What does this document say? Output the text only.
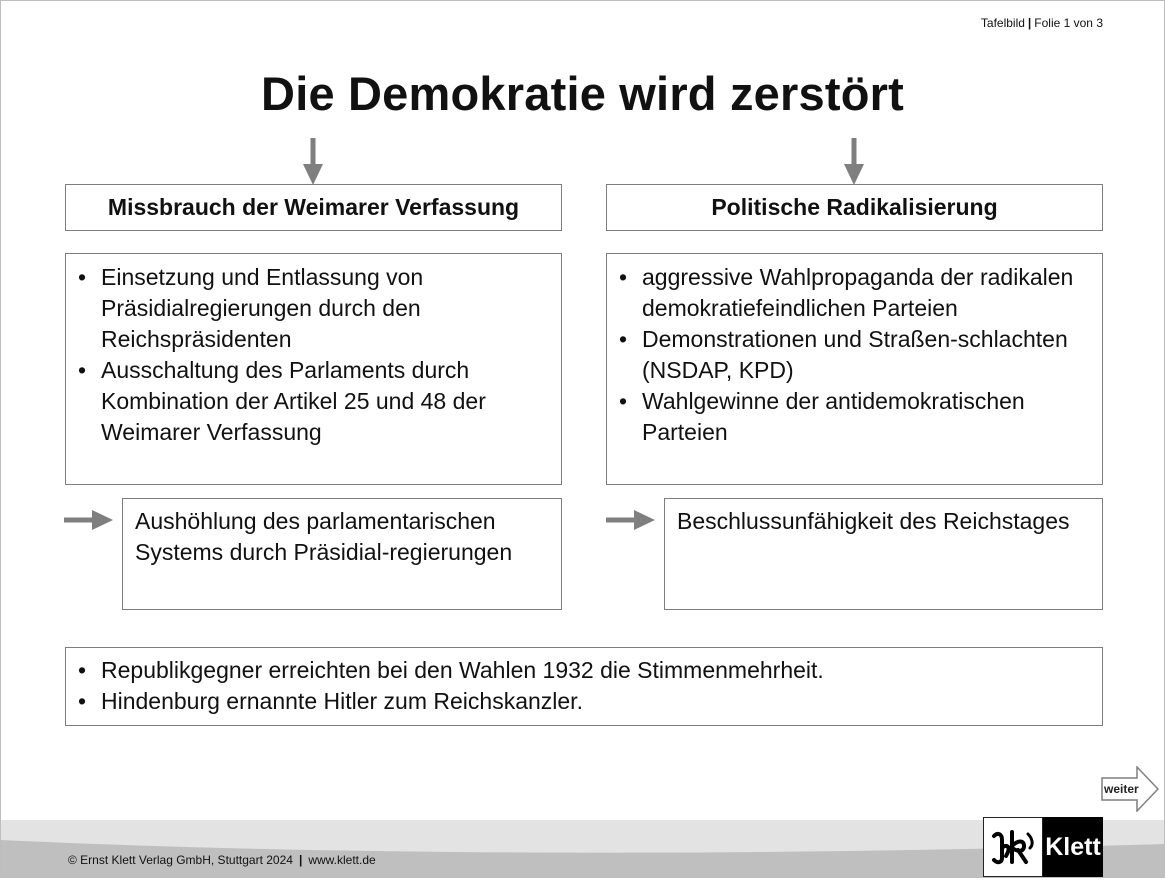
Tafelbild | Folie 1 von 3
Die Demokratie wird zerstört
Missbrauch der Weimarer Verfassung	Politische Radikalisierung
• Einsetzung und Entlassung von Präsidialregierungen durch den Reichspräsidenten
• Ausschaltung des Parlaments durch Kombination der Artikel 25 und 48 der Weimarer Verfassung
• aggressive Wahlpropaganda der radikalen demokratiefeindlichen Parteien
• Demonstrationen und Straßen-schlachten (NSDAP, KPD)
• Wahlgewinne der antidemokratischen Parteien
Aushöhlung des parlamentarischen Systems durch Präsidial-regierungen
Beschlussunfähigkeit des Reichstages
• Republikgegner erreichten bei den Wahlen 1932 die Stimmenmehrheit.
• Hindenburg ernannte Hitler zum Reichskanzler.
weiter
© Ernst Klett Verlag GmbH, Stuttgart 2024 | www.klett.de	Klett
